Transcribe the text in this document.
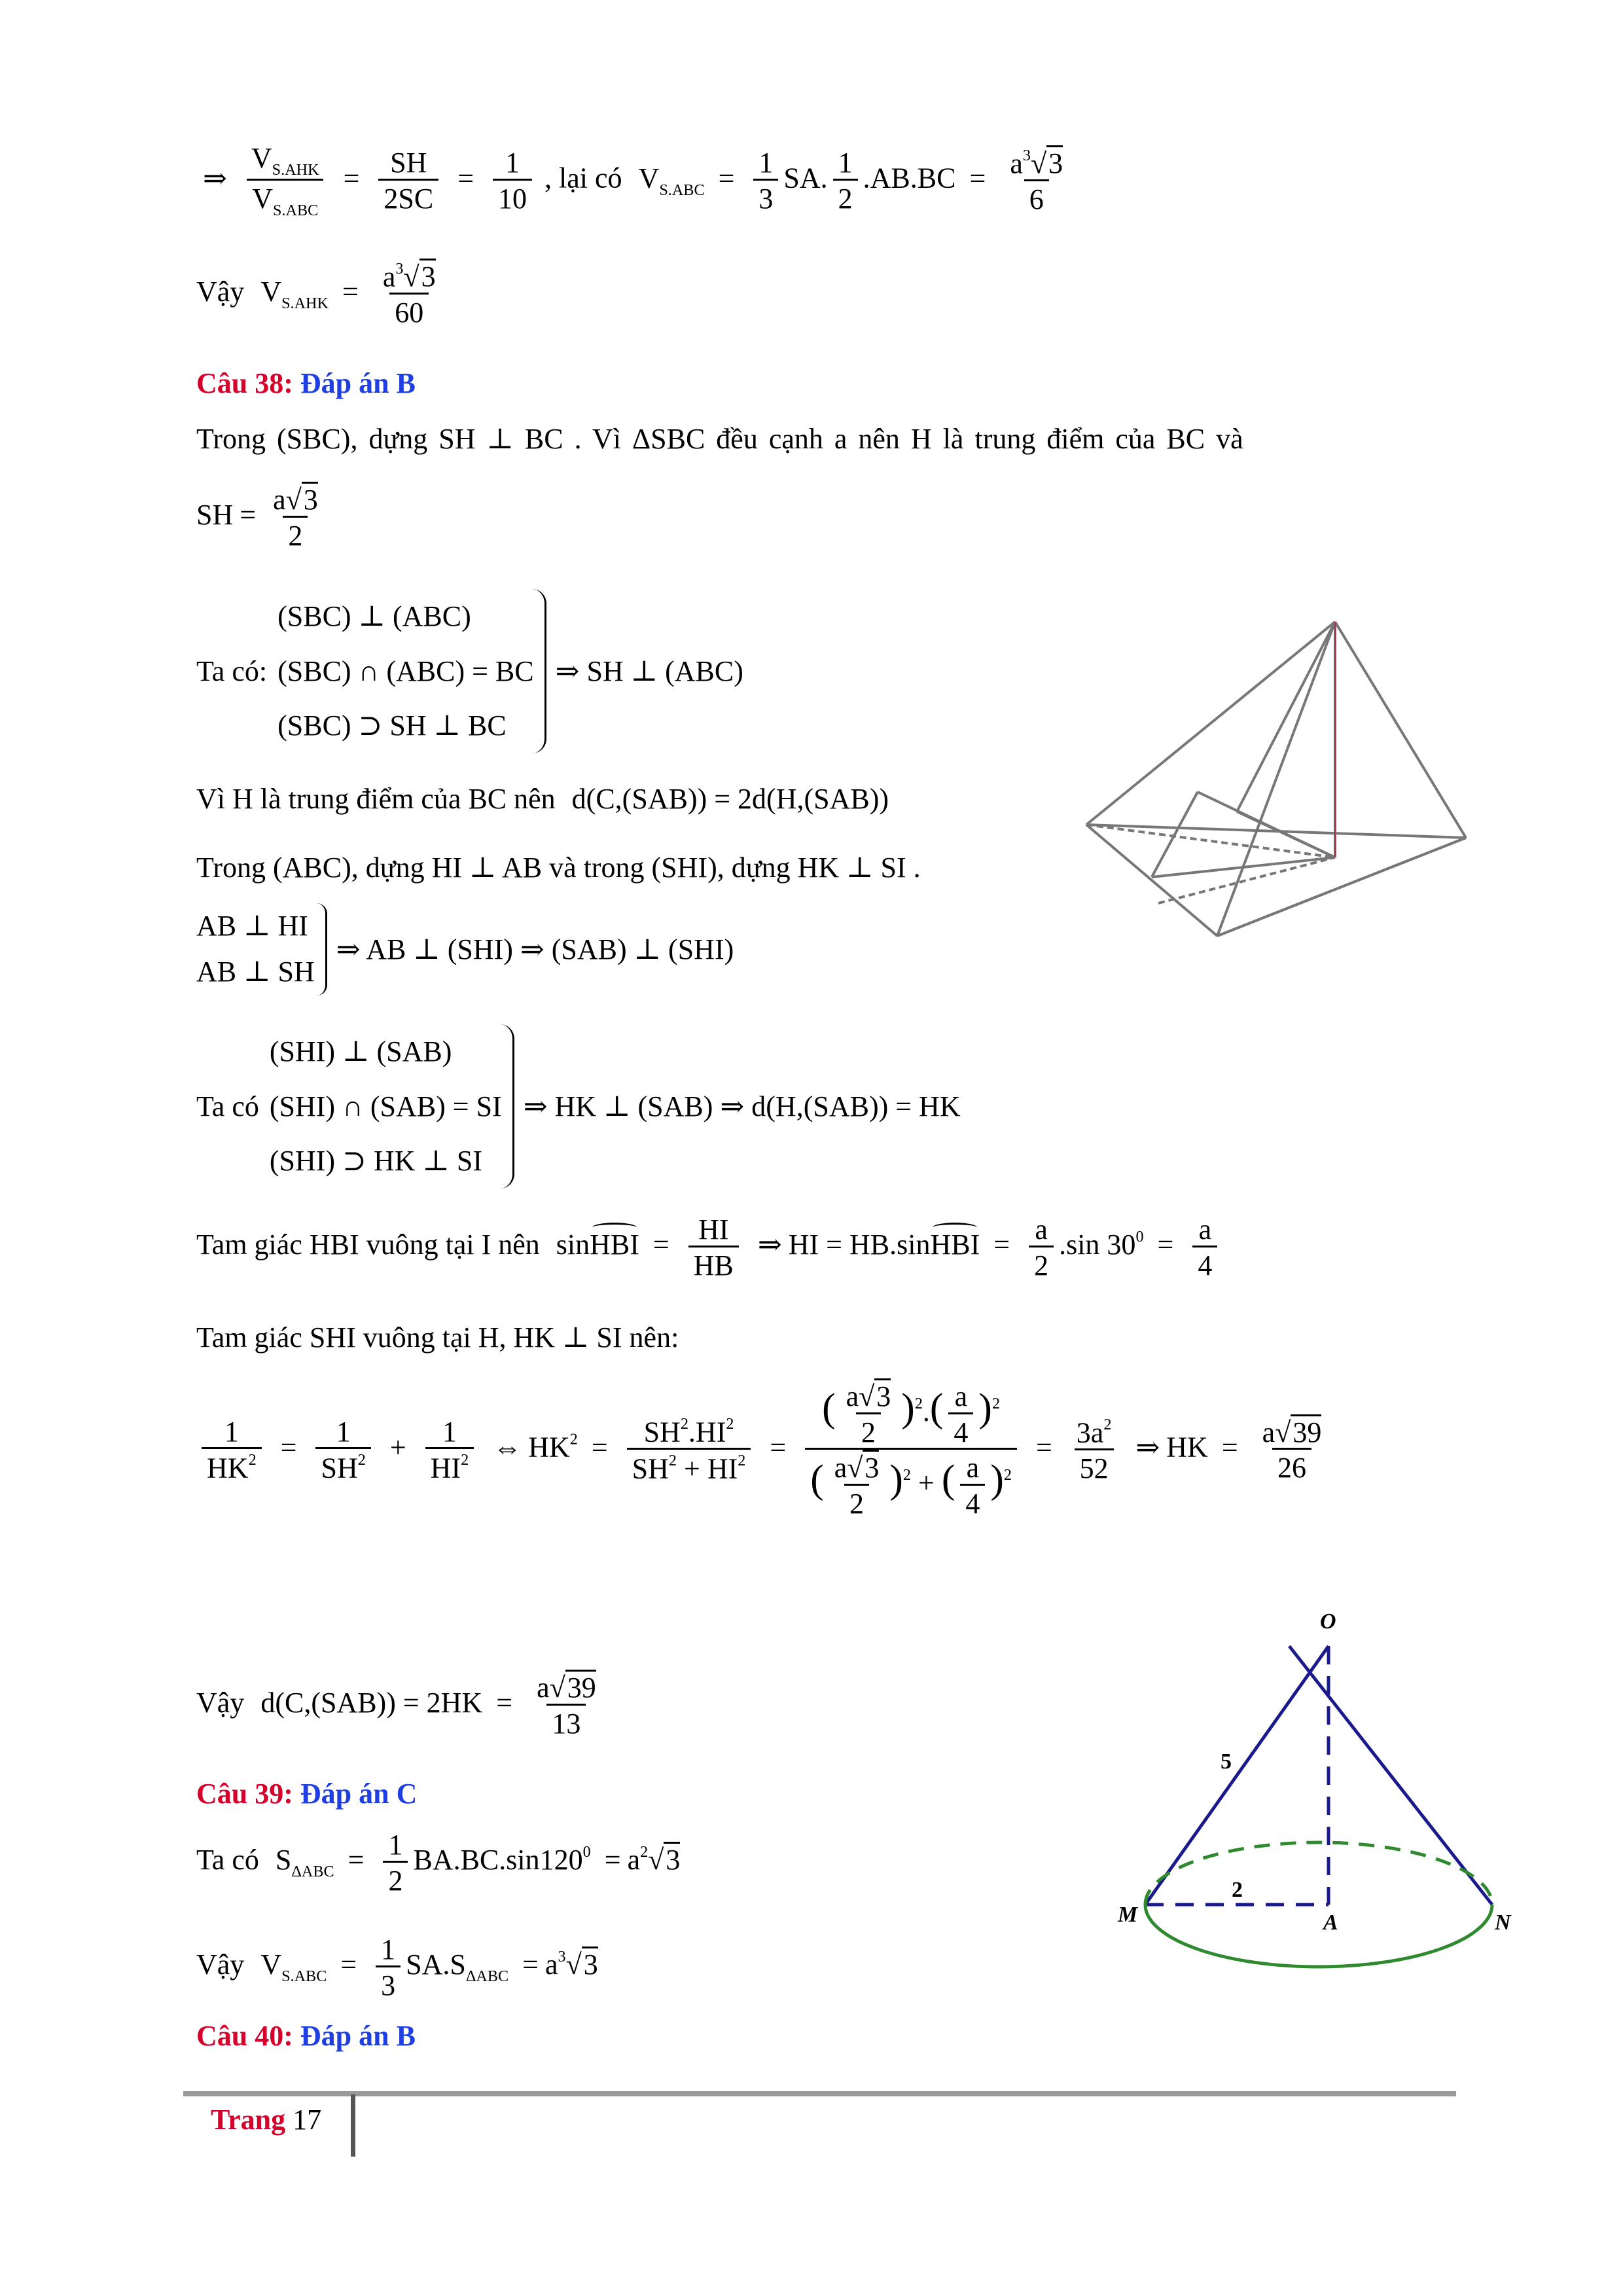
⇒ $\frac{V_{S.AHK}}{V_{S.ABC}} = \frac{SH}{2SC} = \frac{1}{10}$ , lại có $V_{S.ABC} = \frac{1}{3}$ SA. $\frac{1}{2} .AB.BC = \frac{a^3√3}{6}$
Vậy $V_{S.AHK} = \frac{a^3√3}{60}$
Câu 38: Đáp án B
Trong (SBC), dựng SH ⊥ BC . Vì ΔSBC đều cạnh a nên H là trung điểm của BC và
SH = $\frac{a√3}{2}$
Ta có:
(SBC) ⊥ (ABC)
(SBC) ∩ (ABC) = BC
(SBC) ⊃ SH ⊥ BC
⇒ SH ⊥ (ABC)
Vì H là trung điểm của BC nên d(C,(SAB)) = 2d(H,(SAB))
Trong (ABC), dựng HI ⊥ AB và trong (SHI), dựng HK ⊥ SI .
AB ⊥ HI
AB ⊥ SH
⇒ AB ⊥ (SHI) ⇒ (SAB) ⊥ (SHI)
Ta có
(SHI) ⊥ (SAB)
(SHI) ∩ (SAB) = SI
(SHI) ⊃ HK ⊥ SI
⇒ HK ⊥ (SAB) ⇒ d(H,(SAB)) = HK
Tam giác HBI vuông tại I nên sinHBI = $\frac{HI}{HB}$ ⇒ HI = HB.sinHBI = $\frac{a}{2} .\sin$ $30^0 = \frac{a}{4}$
Tam giác SHI vuông tại H, HK ⊥ SI nên:
$\frac{1}{HK^2} = \frac{1}{SH^2} + \frac{1}{HI^2}$ ⇔ $HK^2 = \frac{SH^2.HI^2}{SH^2 + HI^2} = \frac{( \frac{a√3}{2} )^2.( \frac{a}{4} )^2}{( \frac{a√3}{2} )^2 + ( \frac{a}{4} )^2} = \frac{3a^2}{52}$ ⇒ HK = $\frac{a√39}{26}$
Vậy $d(C,(SAB)) = 2HK = \frac{a√39}{13}$
Câu 39: Đáp án C
Ta có $S_{\Delta ABC} = \frac{1}{2} BA.BC.\sin 120^0 = a^2√3$
Vậy $V_{S.ABC} = \frac{1}{3} SA.S_{\Delta ABC} = a^3√3$
Câu 40: Đáp án B
O
5
2
M	A	N
Trang 17
